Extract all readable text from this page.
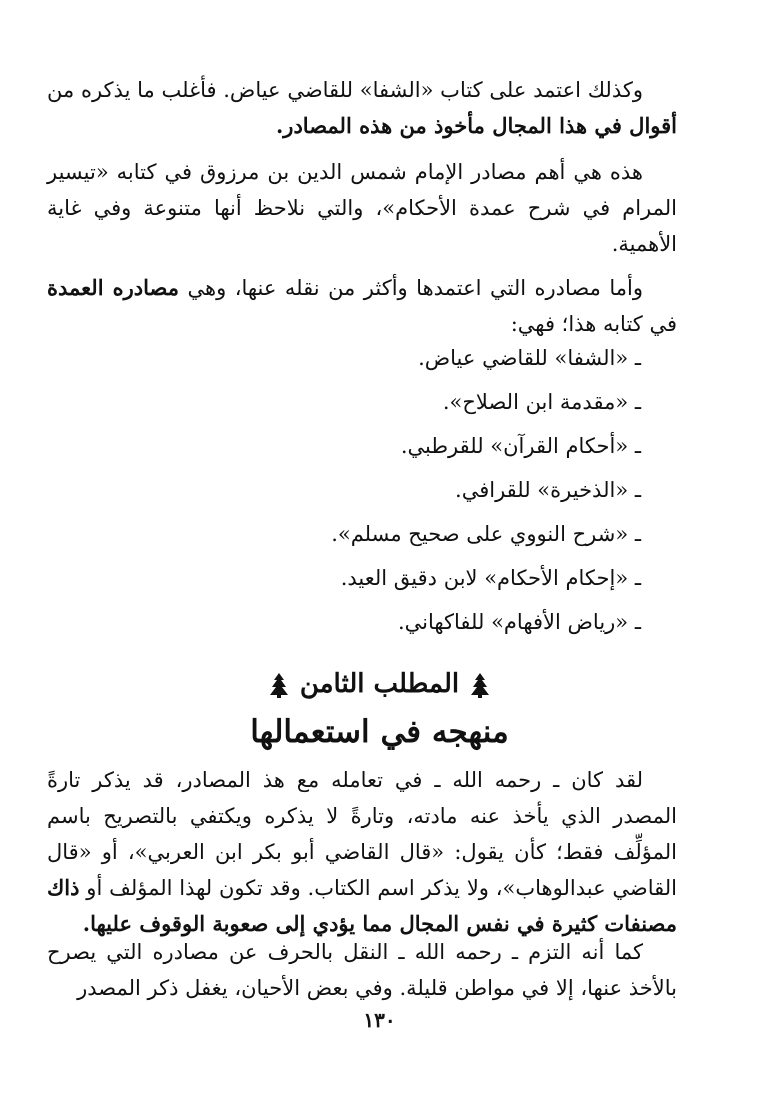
وكذلك اعتمد على كتاب «الشفا» للقاضي عياض. فأغلب ما يذكره من أقوال في هذا المجال مأخوذ من هذه المصادر.

هذه هي أهم مصادر الإمام شمس الدين بن مرزوق في كتابه «تيسير المرام في شرح عمدة الأحكام»، والتي نلاحظ أنها متنوعة وفي غاية الأهمية.

وأما مصادره التي اعتمدها وأكثر من نقله عنها، وهي مصادره العمدة في كتابه هذا؛ فهي:

ـ «الشفا» للقاضي عياض.
ـ «مقدمة ابن الصلاح».
ـ «أحكام القرآن» للقرطبي.
ـ «الذخيرة» للقرافي.
ـ «شرح النووي على صحيح مسلم».
ـ «إحكام الأحكام» لابن دقيق العيد.
ـ «رياض الأفهام» للفاكهاني.
المطلب الثامن
منهجه في استعمالها

لقد كان ـ رحمه الله ـ في تعامله مع هذ المصادر، قد يذكر تارةً المصدر الذي يأخذ عنه مادته، وتارةً لا يذكره ويكتفي بالتصريح باسم المؤلِّف فقط؛ كأن يقول: «قال القاضي أبو بكر ابن العربي»، أو «قال القاضي عبدالوهاب»، ولا يذكر اسم الكتاب. وقد تكون لهذا المؤلف أو ذاك مصنفات كثيرة في نفس المجال مما يؤدي إلى صعوبة الوقوف عليها.

كما أنه التزم ـ رحمه الله ـ النقل بالحرف عن مصادره التي يصرح بالأخذ عنها، إلا في مواطن قليلة. وفي بعض الأحيان، يغفل ذكر المصدر

١٣٠
